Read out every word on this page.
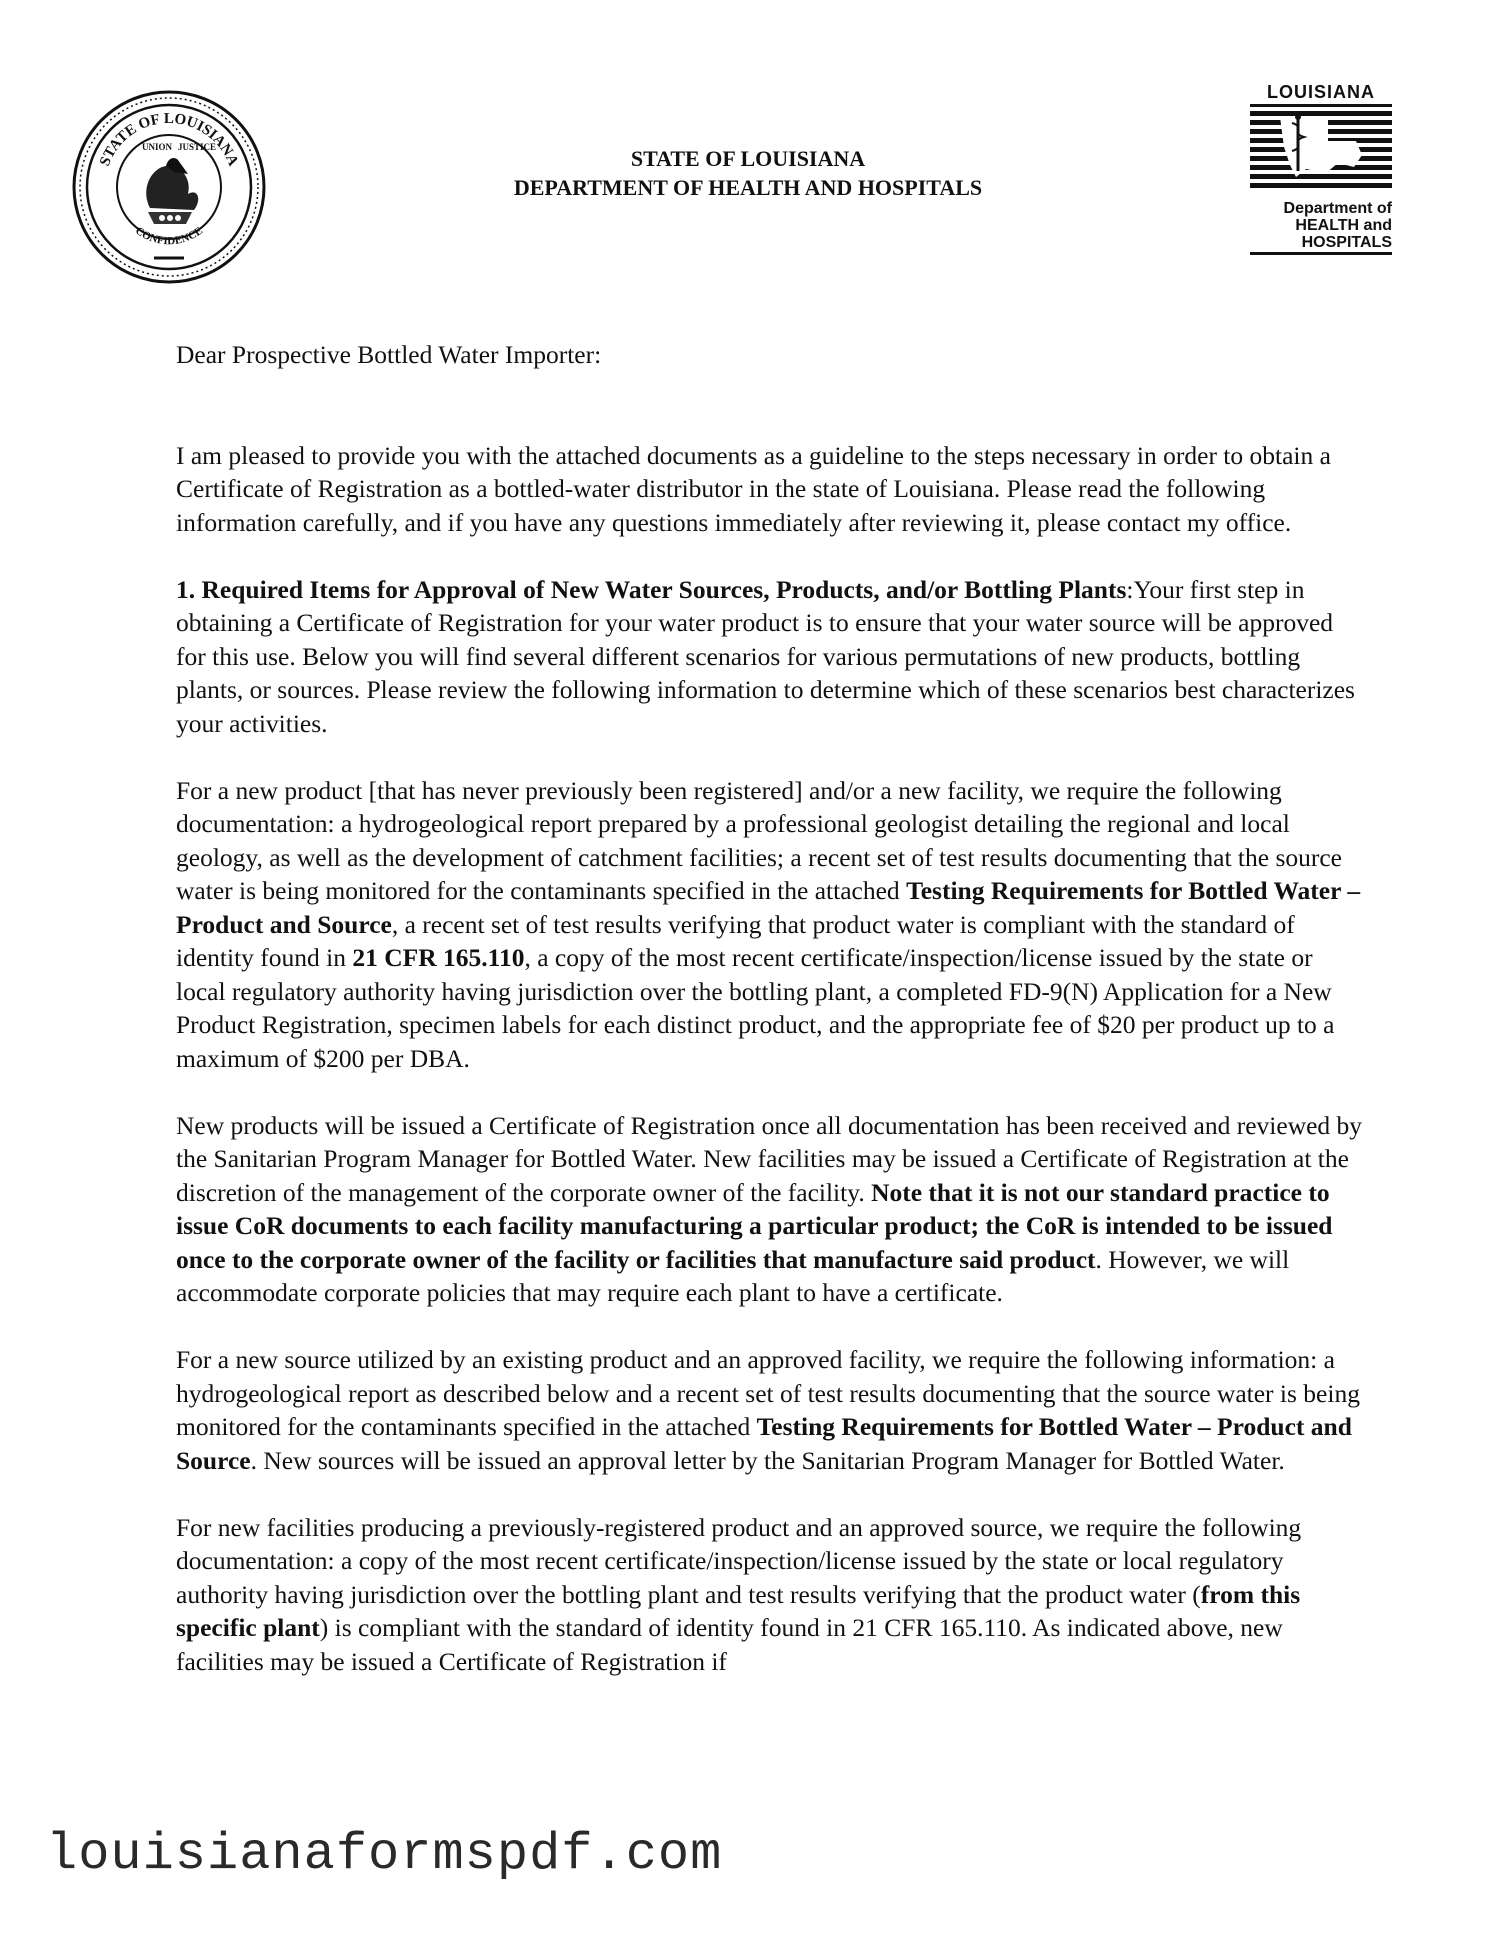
STATE OF LOUISIANA
UNION JUSTICE
CONFIDENCE
STATE OF LOUISIANA
DEPARTMENT OF HEALTH AND HOSPITALS
LOUISIANA
Department of
HEALTH and
HOSPITALS

Dear Prospective Bottled Water Importer:

I am pleased to provide you with the attached documents as a guideline to the steps necessary in order to obtain a Certificate of Registration as a bottled-water distributor in the state of Louisiana. Please read the following information carefully, and if you have any questions immediately after reviewing it, please contact my office.

1. Required Items for Approval of New Water Sources, Products, and/or Bottling Plants:Your first step in obtaining a Certificate of Registration for your water product is to ensure that your water source will be approved for this use. Below you will find several different scenarios for various permutations of new products, bottling plants, or sources. Please review the following information to determine which of these scenarios best characterizes your activities.

For a new product [that has never previously been registered] and/or a new facility, we require the following documentation: a hydrogeological report prepared by a professional geologist detailing the regional and local geology, as well as the development of catchment facilities; a recent set of test results documenting that the source water is being monitored for the contaminants specified in the attached Testing Requirements for Bottled Water – Product and Source, a recent set of test results verifying that product water is compliant with the standard of identity found in 21 CFR 165.110, a copy of the most recent certificate/inspection/license issued by the state or local regulatory authority having jurisdiction over the bottling plant, a completed FD-9(N) Application for a New Product Registration, specimen labels for each distinct product, and the appropriate fee of $20 per product up to a maximum of $200 per DBA.

New products will be issued a Certificate of Registration once all documentation has been received and reviewed by the Sanitarian Program Manager for Bottled Water. New facilities may be issued a Certificate of Registration at the discretion of the management of the corporate owner of the facility. Note that it is not our standard practice to issue CoR documents to each facility manufacturing a particular product; the CoR is intended to be issued once to the corporate owner of the facility or facilities that manufacture said product. However, we will accommodate corporate policies that may require each plant to have a certificate.

For a new source utilized by an existing product and an approved facility, we require the following information: a hydrogeological report as described below and a recent set of test results documenting that the source water is being monitored for the contaminants specified in the attached Testing Requirements for Bottled Water – Product and Source. New sources will be issued an approval letter by the Sanitarian Program Manager for Bottled Water.

For new facilities producing a previously-registered product and an approved source, we require the following documentation: a copy of the most recent certificate/inspection/license issued by the state or local regulatory authority having jurisdiction over the bottling plant and test results verifying that the product water (from this specific plant) is compliant with the standard of identity found in 21 CFR 165.110. As indicated above, new facilities may be issued a Certificate of Registration if

louisianaformspdf.com
